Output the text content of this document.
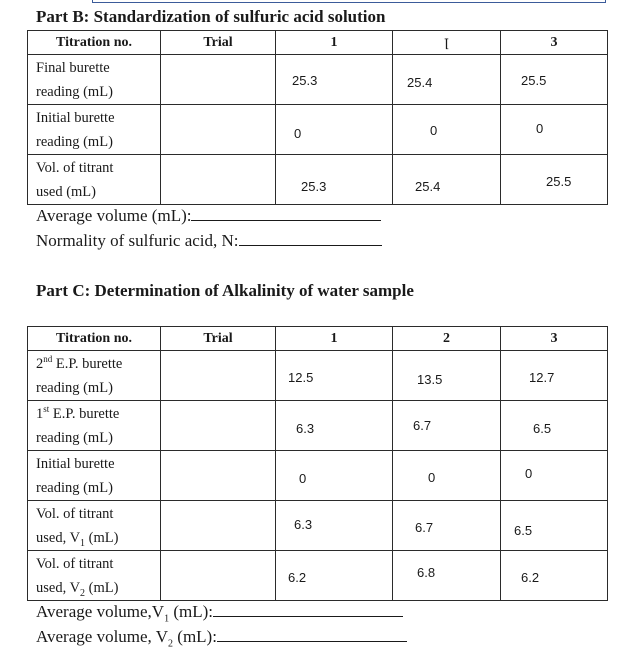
Part B: Standardization of sulfuric acid solution
Titration no.	Trial	1	ꞁ	3

Final burette
reading (mL)		25.3	25.4	25.5

Initial burette
reading (mL)		0	0	0

Vol. of titrant
used (mL)		25.3	25.4	25.5
Average volume (mL):
Normality of sulfuric acid, N:
Part C: Determination of Alkalinity of water sample
Titration no.	Trial	1	2	3

2nd E.P. burette
reading (mL)		12.5	13.5	12.7

1st E.P. burette
reading (mL)		6.3	6.7	6.5

Initial burette
reading (mL)		0	0	0

Vol. of titrant
used, $V_1$ (mL)		6.3	6.7	6.5

Vol. of titrant
used, $V_2$ (mL)		6.2	6.8	6.2
Average $volume,V_1$ (mL):
Average volume, $V_2$ (mL):
